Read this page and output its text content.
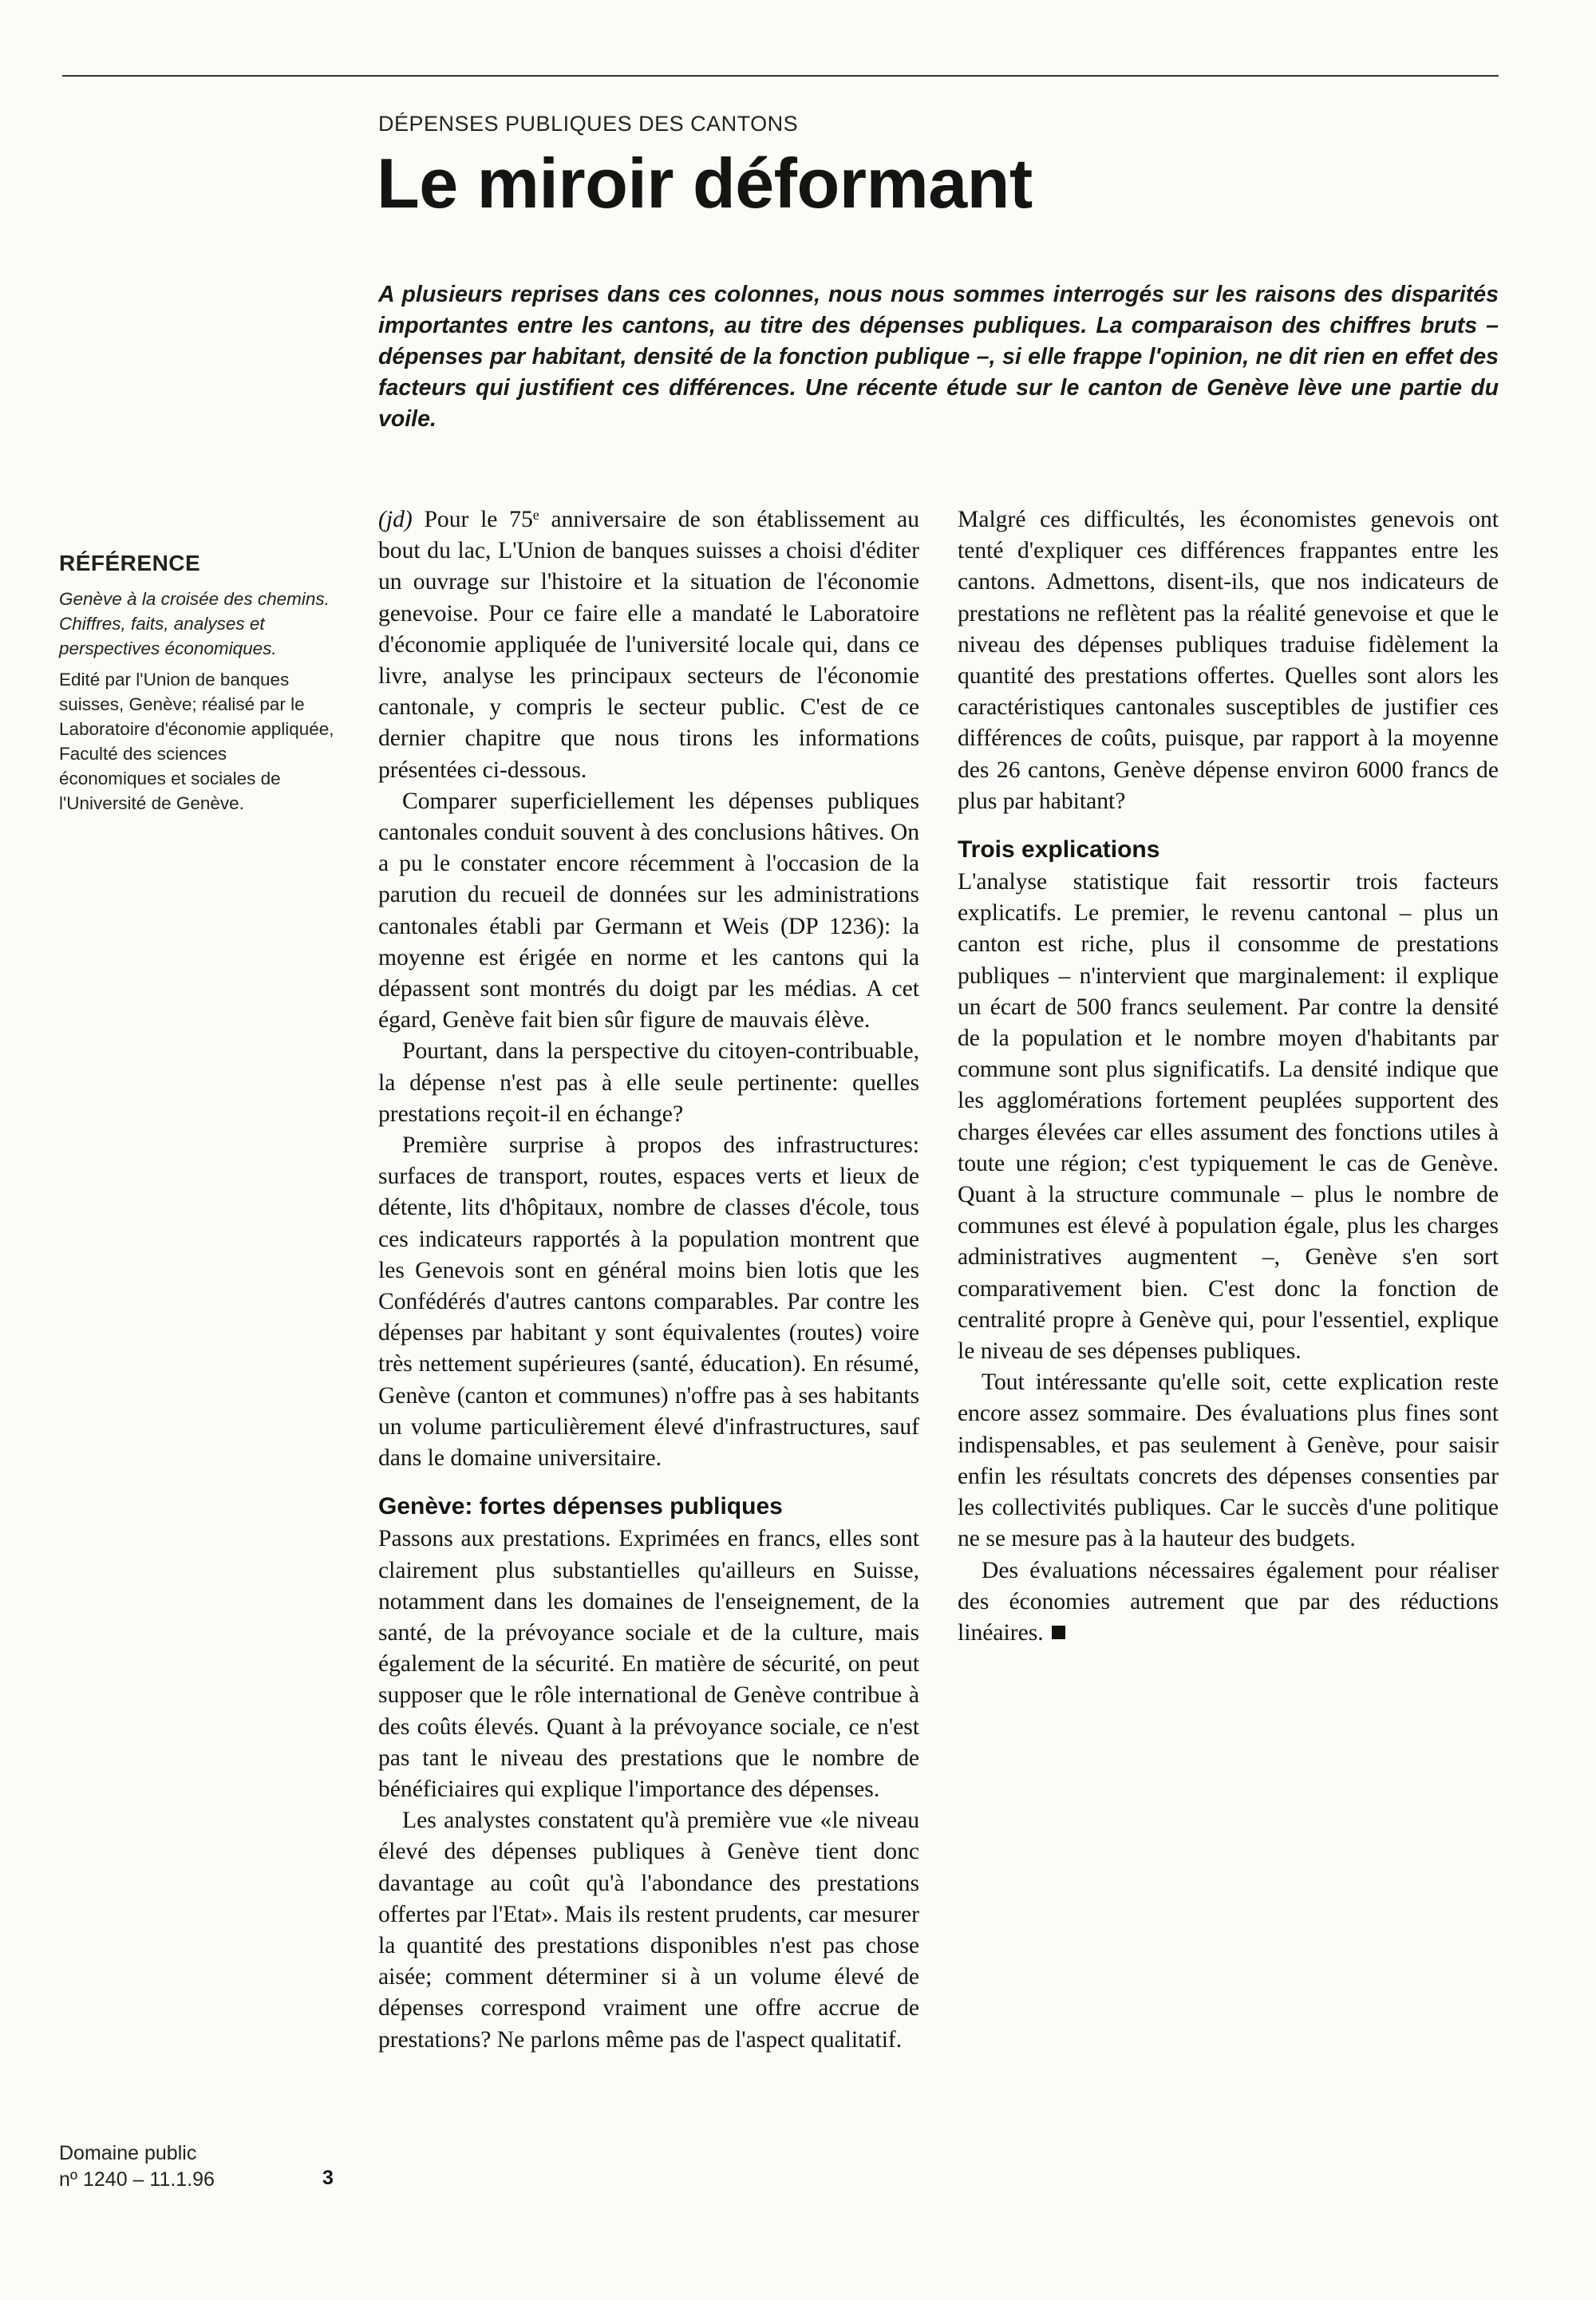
DÉPENSES PUBLIQUES DES CANTONS
Le miroir déformant

A plusieurs reprises dans ces colonnes, nous nous sommes interrogés sur les raisons des disparités importantes entre les cantons, au titre des dépenses publiques. La comparaison des chiffres bruts – dépenses par habitant, densité de la fonction publique –, si elle frappe l'opinion, ne dit rien en effet des facteurs qui justifient ces différences. Une récente étude sur le canton de Genève lève une partie du voile.

RÉFÉRENCE

Genève à la croisée des chemins. Chiffres, faits, analyses et perspectives économiques.

Edité par l'Union de banques suisses, Genève; réalisé par le Laboratoire d'économie appliquée, Faculté des sciences économiques et sociales de l'Université de Genève.

(jd) Pour le 75e anniversaire de son établissement au bout du lac, L'Union de banques suisses a choisi d'éditer un ouvrage sur l'histoire et la situation de l'économie genevoise. Pour ce faire elle a mandaté le Laboratoire d'économie appliquée de l'université locale qui, dans ce livre, analyse les principaux secteurs de l'économie cantonale, y compris le secteur public. C'est de ce dernier chapitre que nous tirons les informations présentées ci-dessous.

Comparer superficiellement les dépenses publiques cantonales conduit souvent à des conclusions hâtives. On a pu le constater encore récemment à l'occasion de la parution du recueil de données sur les administrations cantonales établi par Germann et Weis (DP 1236): la moyenne est érigée en norme et les cantons qui la dépassent sont montrés du doigt par les médias. A cet égard, Genève fait bien sûr figure de mauvais élève.

Pourtant, dans la perspective du citoyen-contribuable, la dépense n'est pas à elle seule pertinente: quelles prestations reçoit-il en échange?

Première surprise à propos des infrastructures: surfaces de transport, routes, espaces verts et lieux de détente, lits d'hôpitaux, nombre de classes d'école, tous ces indicateurs rapportés à la population montrent que les Genevois sont en général moins bien lotis que les Confédérés d'autres cantons comparables. Par contre les dépenses par habitant y sont équivalentes (routes) voire très nettement supérieures (santé, éducation). En résumé, Genève (canton et communes) n'offre pas à ses habitants un volume particulièrement élevé d'infrastructures, sauf dans le domaine universitaire.

Genève: fortes dépenses publiques

Passons aux prestations. Exprimées en francs, elles sont clairement plus substantielles qu'ailleurs en Suisse, notamment dans les domaines de l'enseignement, de la santé, de la prévoyance sociale et de la culture, mais également de la sécurité. En matière de sécurité, on peut supposer que le rôle international de Genève contribue à des coûts élevés. Quant à la prévoyance sociale, ce n'est pas tant le niveau des prestations que le nombre de bénéficiaires qui explique l'importance des dépenses.

Les analystes constatent qu'à première vue «le niveau élevé des dépenses publiques à Genève tient donc davantage au coût qu'à l'abondance des prestations offertes par l'Etat». Mais ils restent prudents, car mesurer la quantité des prestations disponibles n'est pas chose aisée; comment déterminer si à un volume élevé de dépenses correspond vraiment une offre accrue de prestations? Ne parlons même pas de l'aspect qualitatif.

Malgré ces difficultés, les économistes genevois ont tenté d'expliquer ces différences frappantes entre les cantons. Admettons, disent-ils, que nos indicateurs de prestations ne reflètent pas la réalité genevoise et que le niveau des dépenses publiques traduise fidèlement la quantité des prestations offertes. Quelles sont alors les caractéristiques cantonales susceptibles de justifier ces différences de coûts, puisque, par rapport à la moyenne des 26 cantons, Genève dépense environ 6000 francs de plus par habitant?

Trois explications

L'analyse statistique fait ressortir trois facteurs explicatifs. Le premier, le revenu cantonal – plus un canton est riche, plus il consomme de prestations publiques – n'intervient que marginalement: il explique un écart de 500 francs seulement. Par contre la densité de la population et le nombre moyen d'habitants par commune sont plus significatifs. La densité indique que les agglomérations fortement peuplées supportent des charges élevées car elles assument des fonctions utiles à toute une région; c'est typiquement le cas de Genève. Quant à la structure communale – plus le nombre de communes est élevé à population égale, plus les charges administratives augmentent –, Genève s'en sort comparativement bien. C'est donc la fonction de centralité propre à Genève qui, pour l'essentiel, explique le niveau de ses dépenses publiques.

Tout intéressante qu'elle soit, cette explication reste encore assez sommaire. Des évaluations plus fines sont indispensables, et pas seulement à Genève, pour saisir enfin les résultats concrets des dépenses consenties par les collectivités publiques. Car le succès d'une politique ne se mesure pas à la hauteur des budgets.

Des évaluations nécessaires également pour réaliser des économies autrement que par des réductions linéaires.

Domaine public
nº 1240 – 11.1.96	3
